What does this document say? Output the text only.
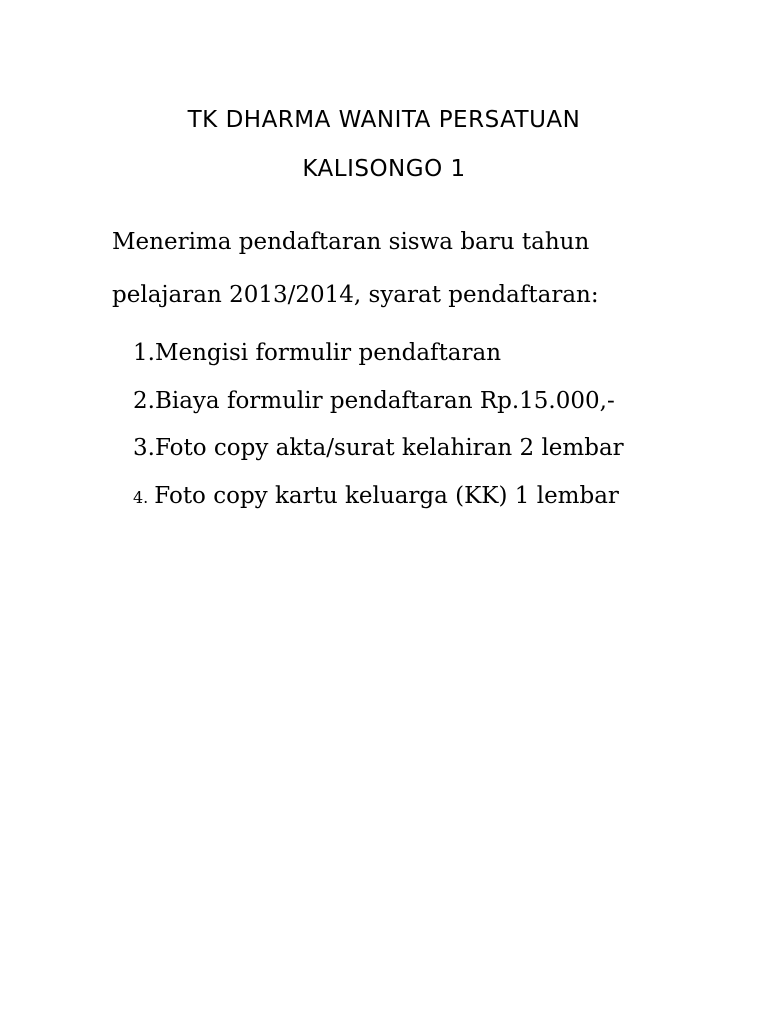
TK DHARMA WANITA PERSATUAN
KALISONGO 1
Menerima pendaftaran siswa baru tahun
pelajaran 2013/2014, syarat pendaftaran:
1.Mengisi formulir pendaftaran
2.Biaya formulir pendaftaran Rp.15.000,-
3.Foto copy akta/surat kelahiran 2 lembar
4. Foto copy kartu keluarga (KK) 1 lembar
